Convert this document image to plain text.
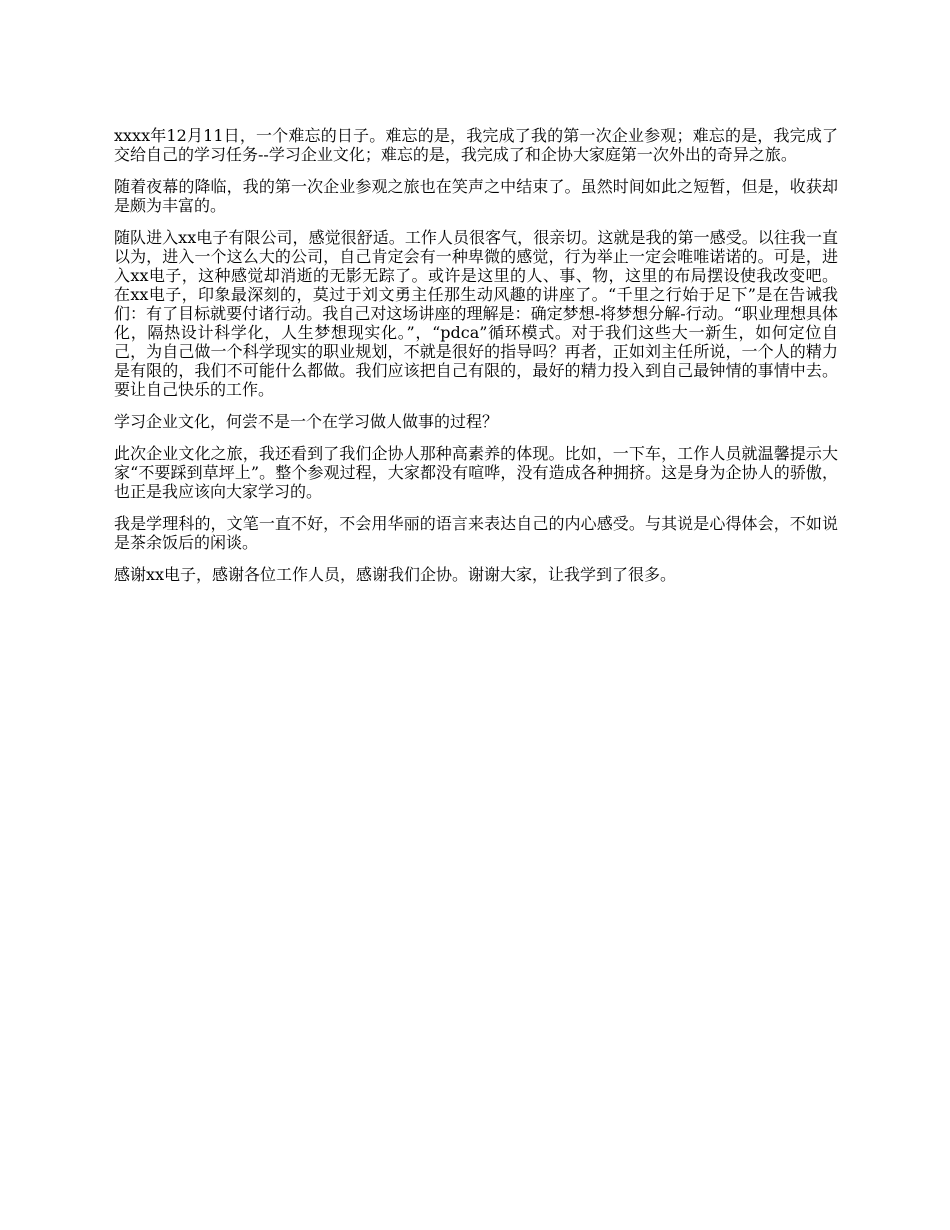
xxxx年12月11日，一个难忘的日子。难忘的是，我完成了我的第一次企业参观；难忘的是，我完成了交给自己的学习任务--学习企业文化；难忘的是，我完成了和企协大家庭第一次外出的奇异之旅。

随着夜幕的降临，我的第一次企业参观之旅也在笑声之中结束了。虽然时间如此之短暂，但是，收获却是颇为丰富的。

随队进入xx电子有限公司，感觉很舒适。工作人员很客气，很亲切。这就是我的第一感受。以往我一直以为，进入一个这么大的公司，自己肯定会有一种卑微的感觉，行为举止一定会唯唯诺诺的。可是，进入xx电子，这种感觉却消逝的无影无踪了。或许是这里的人、事、物，这里的布局摆设使我改变吧。 在xx电子，印象最深刻的，莫过于刘文勇主任那生动风趣的讲座了。“千里之行始于足下”是在告诫我们：有了目标就要付诸行动。我自己对这场讲座的理解是：确定梦想-将梦想分解-行动。“职业理想具体化，隔热设计科学化，人生梦想现实化。”，“pdca”循环模式。对于我们这些大一新生，如何定位自己，为自己做一个科学现实的职业规划，不就是很好的指导吗？再者，正如刘主任所说，一个人的精力是有限的，我们不可能什么都做。我们应该把自己有限的，最好的精力投入到自己最钟情的事情中去。要让自己快乐的工作。

学习企业文化，何尝不是一个在学习做人做事的过程？

此次企业文化之旅，我还看到了我们企协人那种高素养的体现。比如，一下车，工作人员就温馨提示大家“不要踩到草坪上”。整个参观过程，大家都没有喧哗，没有造成各种拥挤。这是身为企协人的骄傲，也正是我应该向大家学习的。

我是学理科的，文笔一直不好，不会用华丽的语言来表达自己的内心感受。与其说是心得体会，不如说是茶余饭后的闲谈。

感谢xx电子，感谢各位工作人员，感谢我们企协。谢谢大家，让我学到了很多。
